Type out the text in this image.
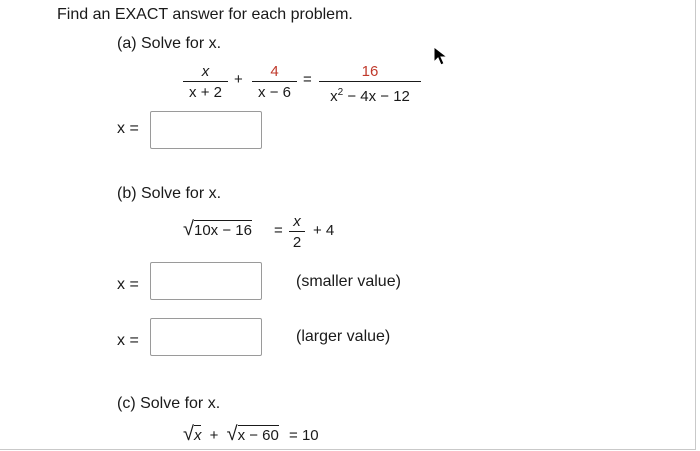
Find an EXACT answer for each problem.
(a) Solve for x.
x
x + 2
+	4
x − 6
=	16
$x^2 - 4x - 12$
x =
(b) Solve for x.
√10x − 16 =
x
2
+ 4
x =	(smaller value)
x =	(larger value)
(c) Solve for x.
√x + √x − 60 = 10
